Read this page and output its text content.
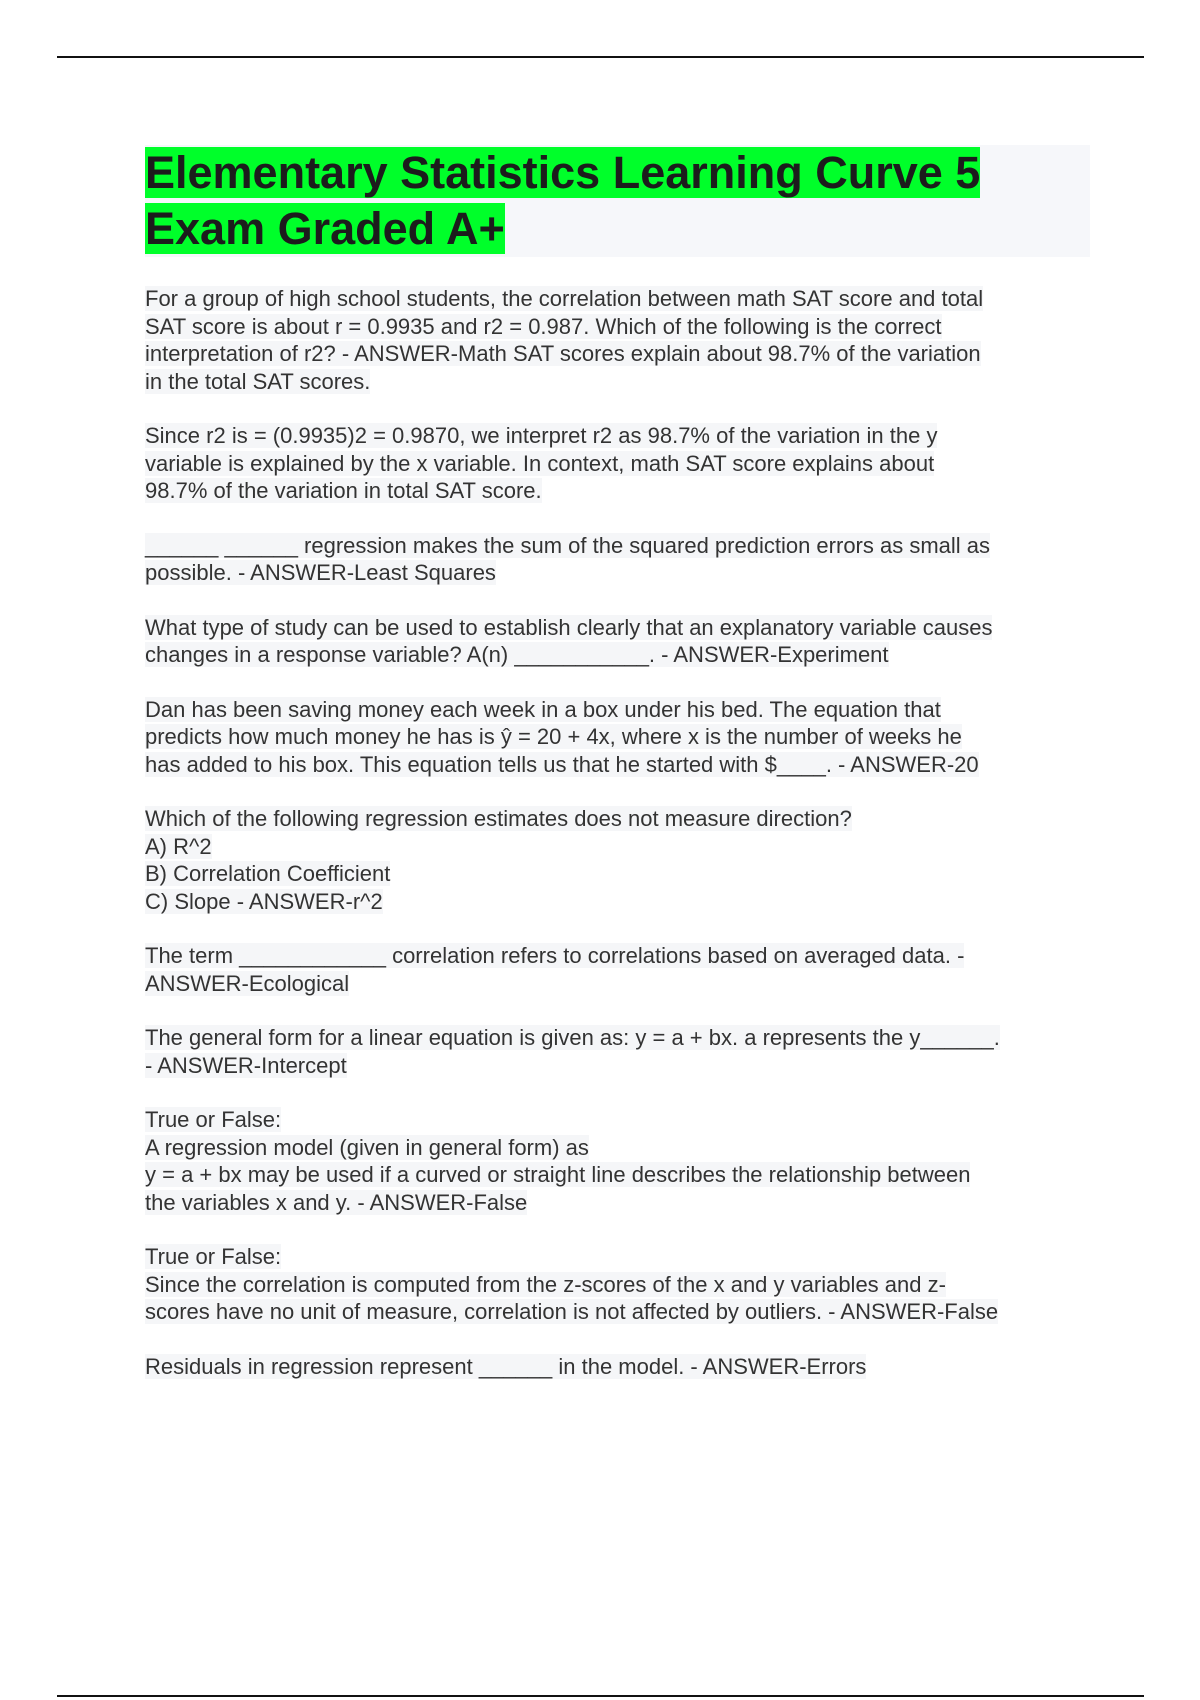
Elementary Statistics Learning Curve 5
Exam Graded A+

For a group of high school students, the correlation between math SAT score and total
SAT score is about r = 0.9935 and r2 = 0.987. Which of the following is the correct
interpretation of r2? - ANSWER-Math SAT scores explain about 98.7% of the variation
in the total SAT scores.

Since r2 is = (0.9935)2 = 0.9870, we interpret r2 as 98.7% of the variation in the y
variable is explained by the x variable. In context, math SAT score explains about
98.7% of the variation in total SAT score.

______ ______ regression makes the sum of the squared prediction errors as small as
possible. - ANSWER-Least Squares

What type of study can be used to establish clearly that an explanatory variable causes
changes in a response variable? A(n) ___________. - ANSWER-Experiment

Dan has been saving money each week in a box under his bed. The equation that
predicts how much money he has is ŷ = 20 + 4x, where x is the number of weeks he
has added to his box. This equation tells us that he started with $____. - ANSWER-20

Which of the following regression estimates does not measure direction?
A) R^2
B) Correlation Coefficient
C) Slope - ANSWER-r^2

The term ____________ correlation refers to correlations based on averaged data. -
ANSWER-Ecological

The general form for a linear equation is given as: y = a + bx. a represents the y______.
- ANSWER-Intercept

True or False:
A regression model (given in general form) as
y = a + bx may be used if a curved or straight line describes the relationship between
the variables x and y. - ANSWER-False

True or False:
Since the correlation is computed from the z-scores of the x and y variables and z-
scores have no unit of measure, correlation is not affected by outliers. - ANSWER-False

Residuals in regression represent ______ in the model. - ANSWER-Errors
